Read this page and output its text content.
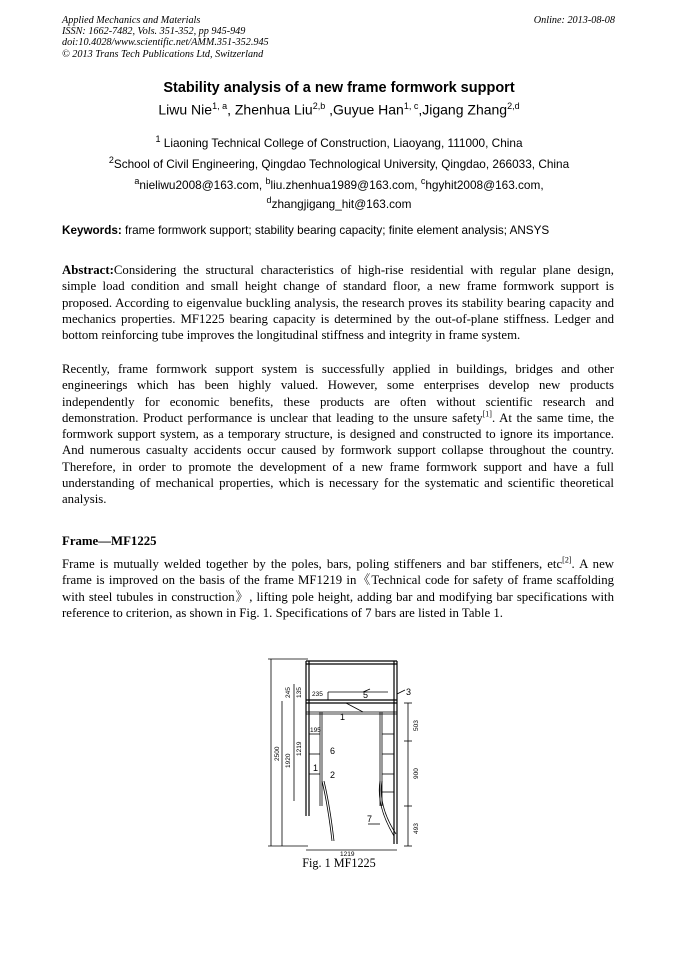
Applied Mechanics and Materials
ISSN: 1662-7482, Vols. 351-352, pp 945-949
doi:10.4028/www.scientific.net/AMM.351-352.945
© 2013 Trans Tech Publications Ltd, Switzerland
Online: 2013-08-08
Stability analysis of a new frame formwork support
Liwu Nie$^{1, a}$, Zhenhua Liu$^{2,b}$ ,Guyue Han$^{1, c}$,Jigang Zhang$^{2,d}$
$^1$ Liaoning Technical College of Construction, Liaoyang, 111000, China
$^2$School of Civil Engineering, Qingdao Technological University, Qingdao, 266033, China
$^a$nieliwu2008@163.com, $^b$liu.zhenhua1989@163.com, $^c$hgyhit2008@163.com,
$^d$zhangjigang_hit@163.com
Keywords: frame formwork support; stability bearing capacity; finite element analysis; ANSYS
Abstract:Considering the structural characteristics of high-rise residential with regular plane design, simple load condition and small height change of standard floor, a new frame formwork support is proposed. According to eigenvalue buckling analysis, the research proves its stability bearing capacity and mechanics properties. MF1225 bearing capacity is determined by the out-of-plane stiffness. Ledger and bottom reinforcing tube improves the longitudinal stiffness and integrity in frame system.
Recently, frame formwork support system is successfully applied in buildings, bridges and other engineerings which has been highly valued. However, some enterprises develop new products independently for economic benefits, these products are often without scientific research and demonstration. Product performance is unclear that leading to the unsure safety[1]. At the same time, the formwork support system, as a temporary structure, is designed and constructed to ignore its importance. And numerous casualty accidents occur caused by formwork support collapse throughout the country. Therefore, in order to promote the development of a new frame formwork support and have a full understanding of mechanical properties, which is necessary for the systematic and scientific theoretical analysis.
Frame—MF1225
Frame is mutually welded together by the poles, bars, poling stiffeners and bar stiffeners, etc[2]. A new frame is improved on the basis of the frame MF1219 in《Technical code for safety of frame scaffolding with steel tubules in construction》, lifting pole height, adding bar and modifying bar specifications with reference to criterion, as shown in Fig. 1. Specifications of 7 bars are listed in Table 1.
2500 1920
1219
245 135 235
195	503
900
493
1219
1
1
2
3
5
6
7
Fig. 1 MF1225
